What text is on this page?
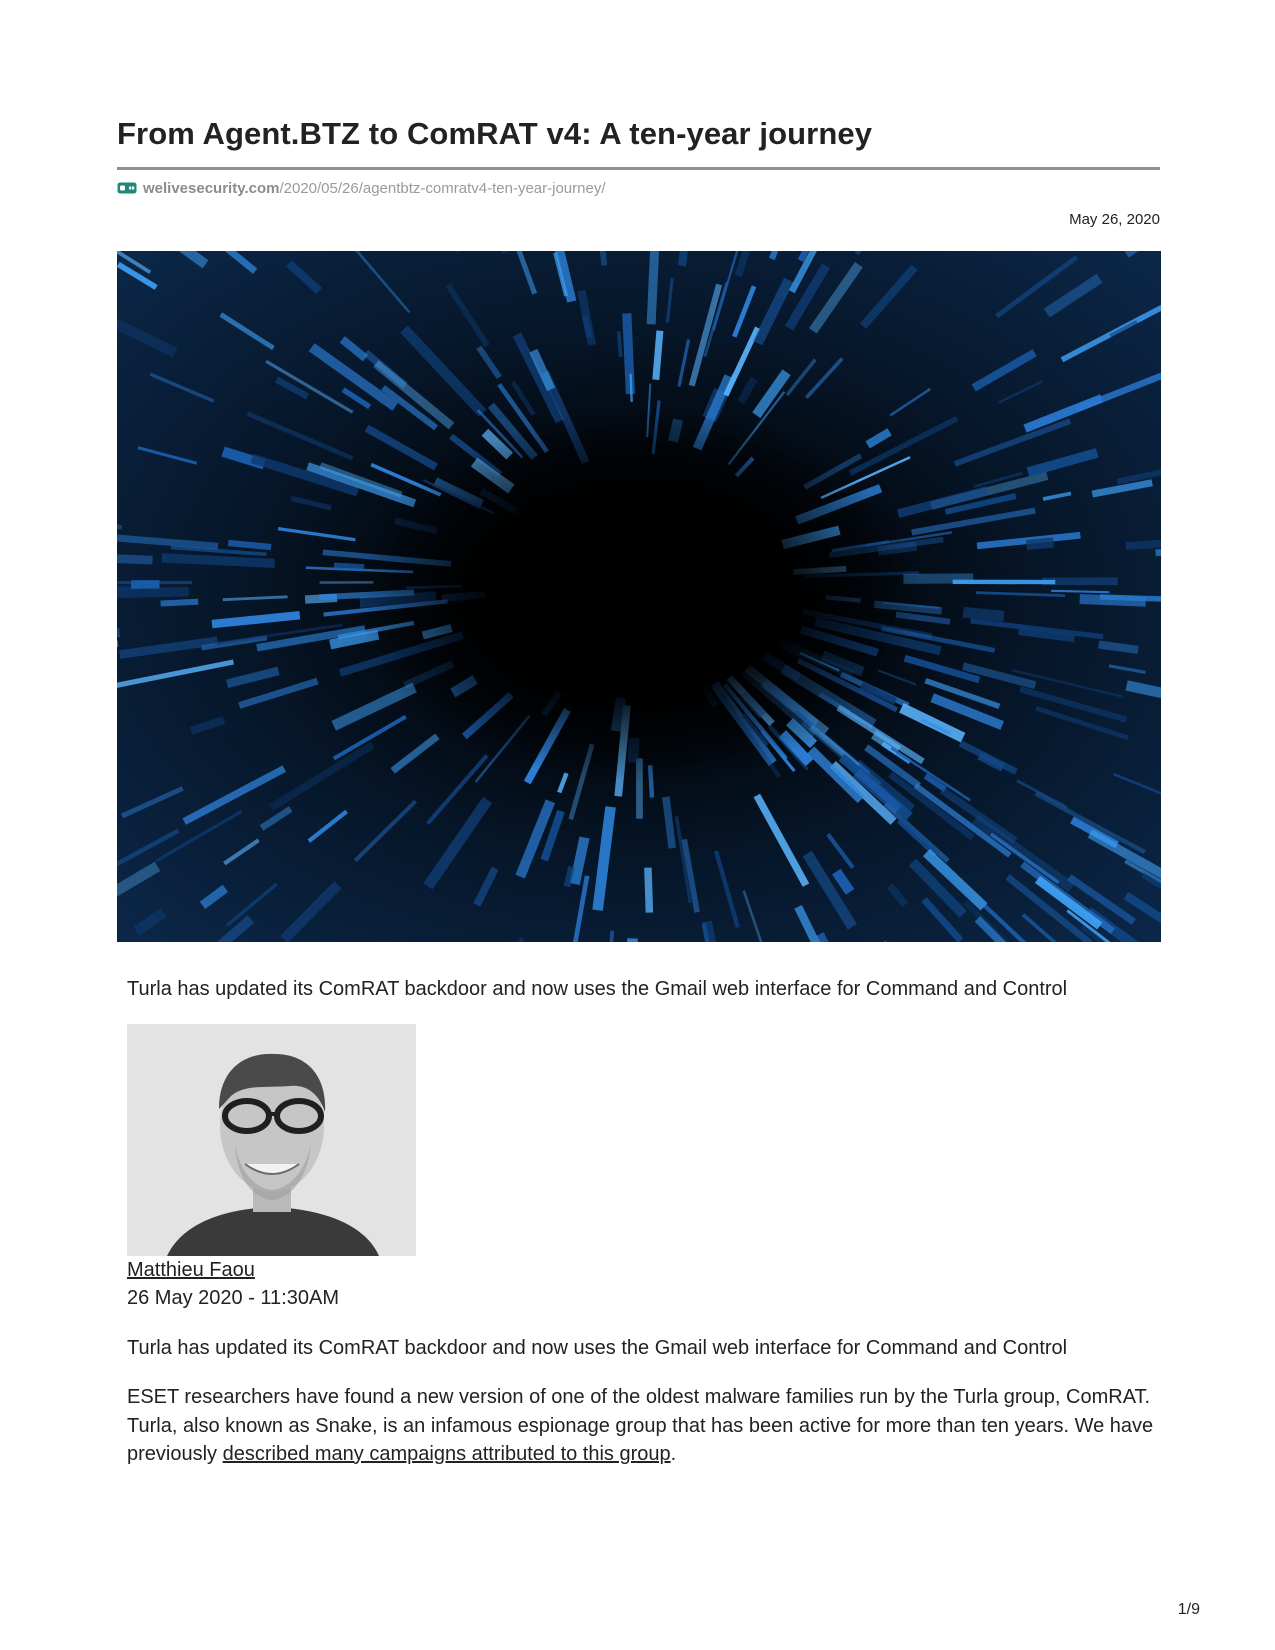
From Agent.BTZ to ComRAT v4: A ten-year journey
welivesecurity.com /2020/05/26/agentbtz-comratv4-ten-year-journey/
May 26, 2020

Turla has updated its ComRAT backdoor and now uses the Gmail web interface for Command and Control

Matthieu Faou
26 May 2020 - 11:30AM

Turla has updated its ComRAT backdoor and now uses the Gmail web interface for Command and Control

ESET researchers have found a new version of one of the oldest malware families run by the Turla group, ComRAT. Turla, also known as Snake, is an infamous espionage group that has been active for more than ten years. We have previously described many campaigns attributed to this group.

1/9
